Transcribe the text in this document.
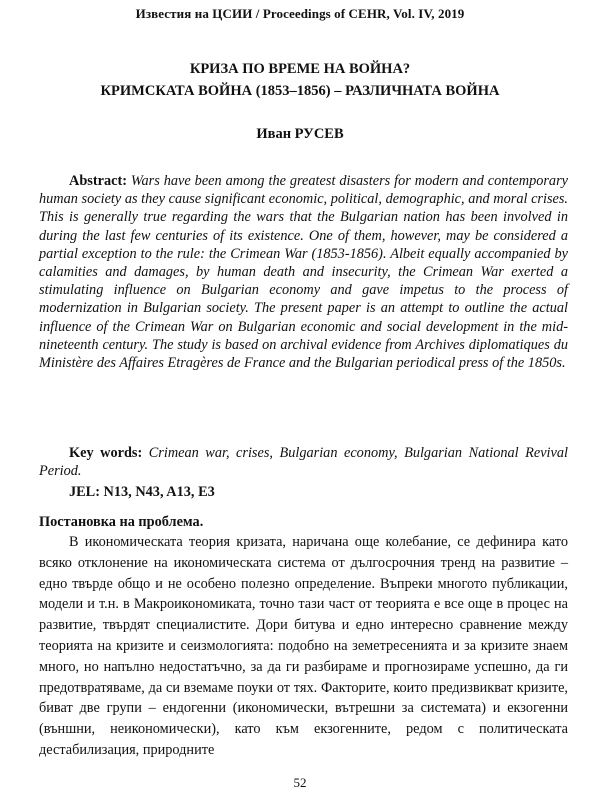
Известия на ЦСИИ / Proceedings of CEHR, Vol. IV, 2019
КРИЗА ПО ВРЕМЕ НА ВОЙНА?
КРИМСКАТА ВОЙНА (1853–1856) – РАЗЛИЧНАТА ВОЙНА
Иван РУСЕВ

Abstract: Wars have been among the greatest disasters for modern and contemporary human society as they cause significant economic, political, demographic, and moral crises. This is generally true regarding the wars that the Bulgarian nation has been involved in during the last few centuries of its existence. One of them, however, may be considered a partial exception to the rule: the Crimean War (1853-1856). Albeit equally accompanied by calamities and damages, by human death and insecurity, the Crimean War exerted a stimulating influence on Bulgarian economy and gave impetus to the process of modernization in Bulgarian society. The present paper is an attempt to outline the actual influence of the Crimean War on Bulgarian economic and social development in the mid-nineteenth century. The study is based on archival evidence from Archives diplomatiques du Ministère des Affaires Etragères de France and the Bulgarian periodical press of the 1850s.

Key words: Crimean war, crises, Bulgarian economy, Bulgarian National Revival Period.

JEL: N13, N43, A13, E3

Постановка на проблема.

В икономическата теория кризата, наричана още колебание, се дефинира като всяко отклонение на икономическата система от дългосрочния тренд на развитие – едно твърде общо и не особено полезно определение. Въпреки многото публикации, модели и т.н. в Макроикономиката, точно тази част от теорията е все още в процес на развитие, твърдят специалистите. Дори битува и едно интересно сравнение между теорията на кризите и сеизмологията: подобно на земетресенията и за кризите знаем много, но напълно недостатъчно, за да ги разбираме и прогнозираме успешно, да ги предотвратяваме, да си вземаме поуки от тях. Факторите, които предизвикват кризите, биват две групи – ендогенни (икономически, вътрешни за системата) и екзогенни (външни, неикономически), като към екзогенните, редом с политическата дестабилизация, природните

52
